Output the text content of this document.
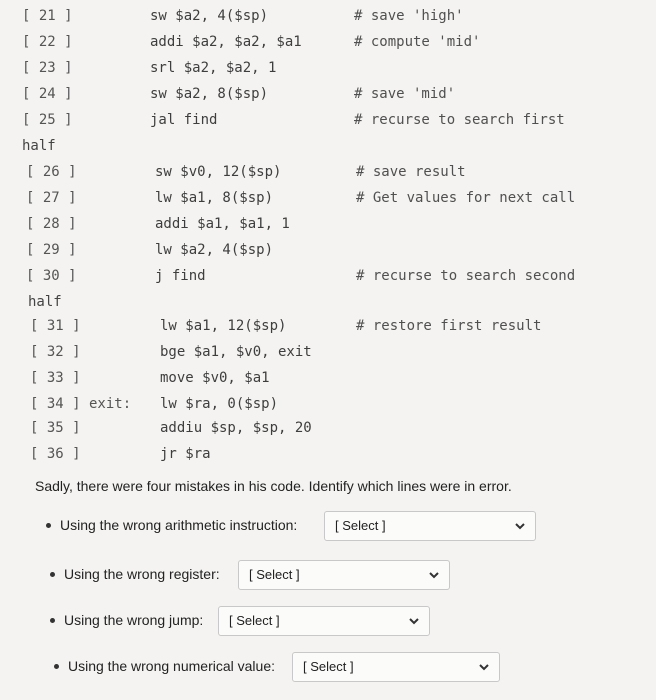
[ 21 ]

	sw $a2, 4($sp)

	# save 'high'

[ 22 ]

	addi $a2, $a2, $a1

	# compute 'mid'

[ 23 ]

	srl $a2, $a2, 1

[ 24 ]

	sw $a2, 8($sp)

	# save 'mid'

[ 25 ]

	jal find

	# recurse to search first

half

[ 26 ]

	sw $v0, 12($sp)

	# save result

[ 27 ]

	lw $a1, 8($sp)

	# Get values for next call

[ 28 ]

	addi $a1, $a1, 1

[ 29 ]

	lw $a2, 4($sp)

[ 30 ]

	j find

	# recurse to search second

half

[ 31 ]

	lw $a1, 12($sp)

	# restore first result

[ 32 ]

	bge $a1, $v0, exit

[ 33 ]

	move $v0, $a1

[ 34 ] exit:

lw $ra, 0($sp)

[ 35 ]

	addiu $sp, $sp, 20

[ 36 ]

	jr $ra

Sadly, there were four mistakes in his code. Identify which lines were in error.
Using the wrong arithmetic instruction:	[ Select ]
Using the wrong register: [ Select ]
Using the wrong jump: [ Select ]
Using the wrong numerical value: [ Select ]
